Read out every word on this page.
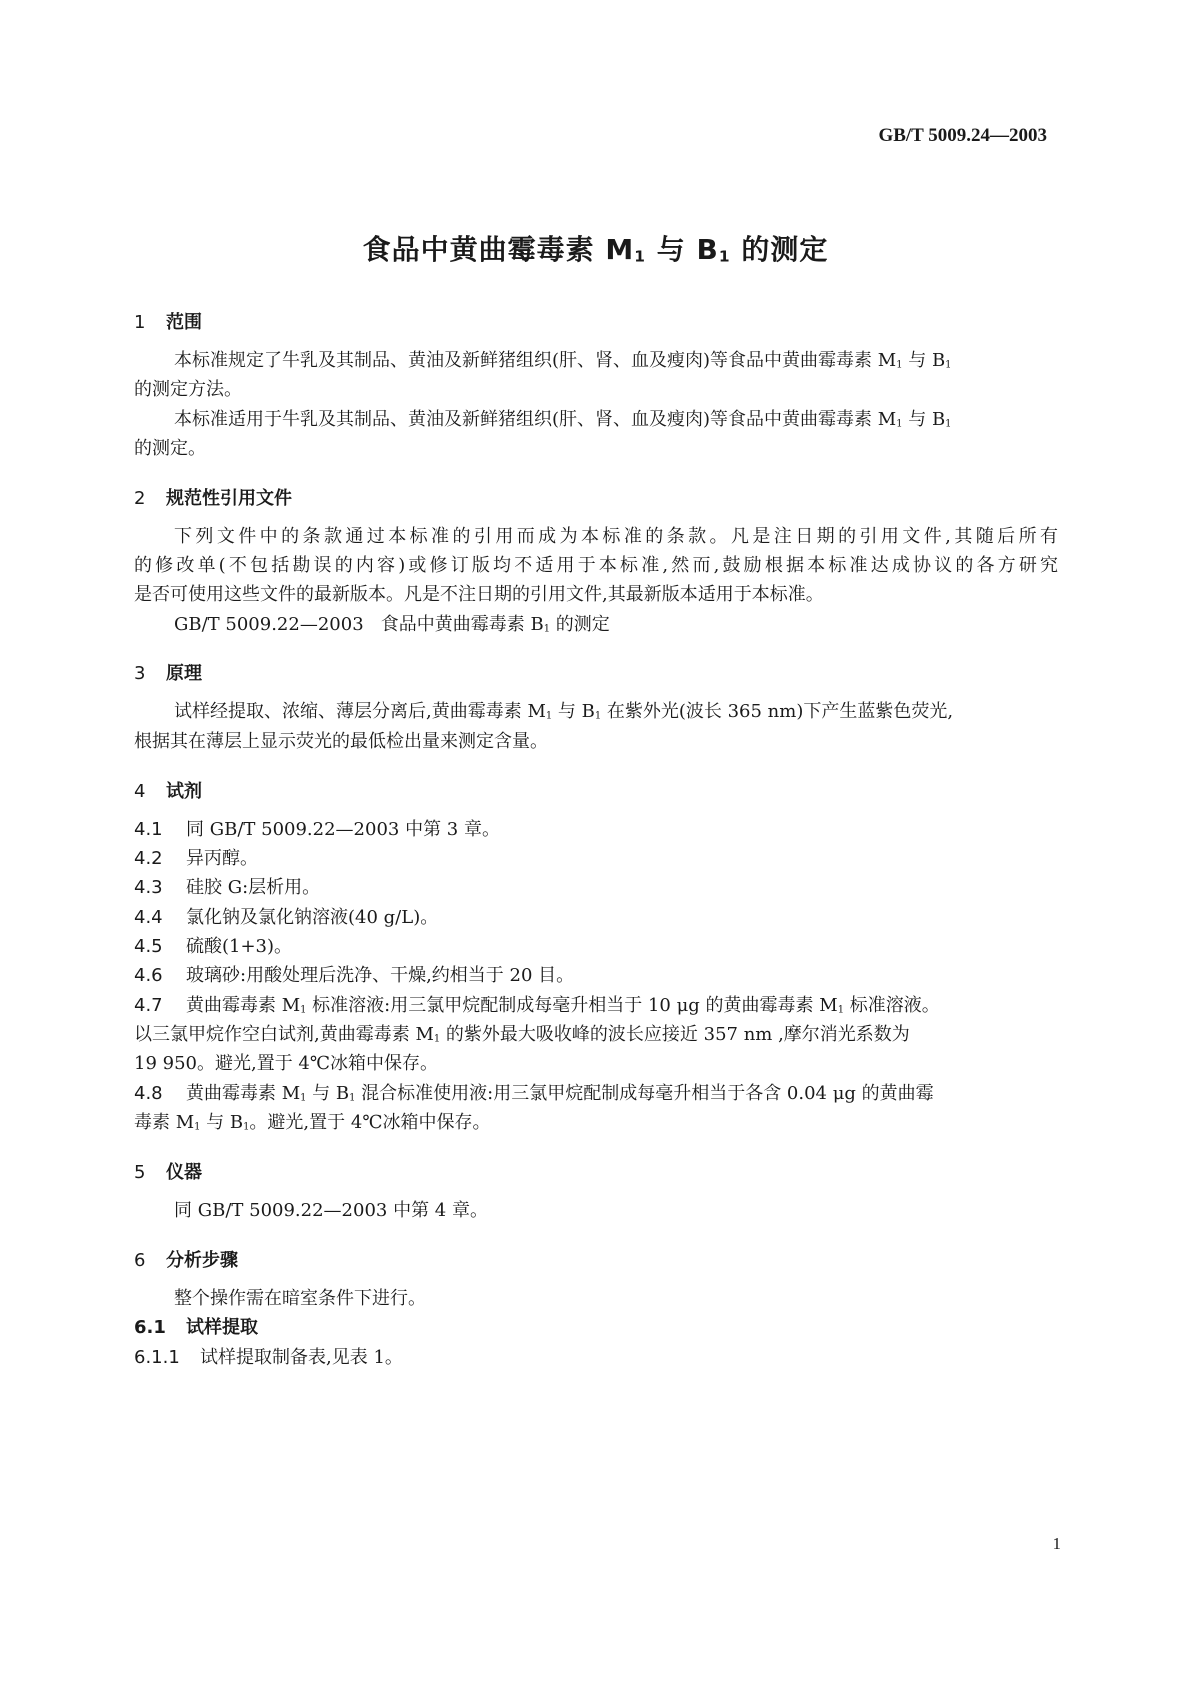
GB/T 5009.24—2003
食品中黄曲霉毒素 $M_1$ 与 $B_1$ 的测定
1 范围
本标准规定了牛乳及其制品、黄油及新鲜猪组织(肝、肾、血及瘦肉)等食品中黄曲霉毒素 $M_1$ 与 $B_1$
的测定方法。
本标准适用于牛乳及其制品、黄油及新鲜猪组织(肝、肾、血及瘦肉)等食品中黄曲霉毒素 $M_1$ 与 $B_1$
的测定。
2 规范性引用文件
下列文件中的条款通过本标准的引用而成为本标准的条款。凡是注日期的引用文件,其随后所有
的修改单(不包括勘误的内容)或修订版均不适用于本标准,然而,鼓励根据本标准达成协议的各方研究
是否可使用这些文件的最新版本。凡是不注日期的引用文件,其最新版本适用于本标准。
GB/T 5009.22—2003   食品中黄曲霉毒素 $B_1$ 的测定
3 原理
试样经提取、浓缩、薄层分离后,黄曲霉毒素 $M_1$ 与 $B_1$ 在紫外光(波长 365 nm)下产生蓝紫色荧光,
根据其在薄层上显示荧光的最低检出量来测定含量。
4 试剂
4.1 同 GB/T 5009.22—2003 中第 3 章。
4.2 异丙醇。
4.3 硅胶 G:层析用。
4.4 氯化钠及氯化钠溶液(40 g/L)。
4.5 硫酸(1+3)。
4.6 玻璃砂:用酸处理后洗净、干燥,约相当于 20 目。
4.7 黄曲霉毒素 $M_1$ 标准溶液:用三氯甲烷配制成每毫升相当于 10 μg 的黄曲霉毒素 $M_1$ 标准溶液。
以三氯甲烷作空白试剂,黄曲霉毒素 $M_1$ 的紫外最大吸收峰的波长应接近 357 nm ,摩尔消光系数为
19 950。避光,置于 4℃冰箱中保存。
4.8 黄曲霉毒素 $M_1$ 与 $B_1$ 混合标准使用液:用三氯甲烷配制成每毫升相当于各含 0.04 μg 的黄曲霉
毒素 $M_1$ 与 $B_1$。避光,置于 4℃冰箱中保存。
5 仪器
同 GB/T 5009.22—2003 中第 4 章。
6 分析步骤
整个操作需在暗室条件下进行。
6.1 试样提取
6.1.1 试样提取制备表,见表 1。
1
